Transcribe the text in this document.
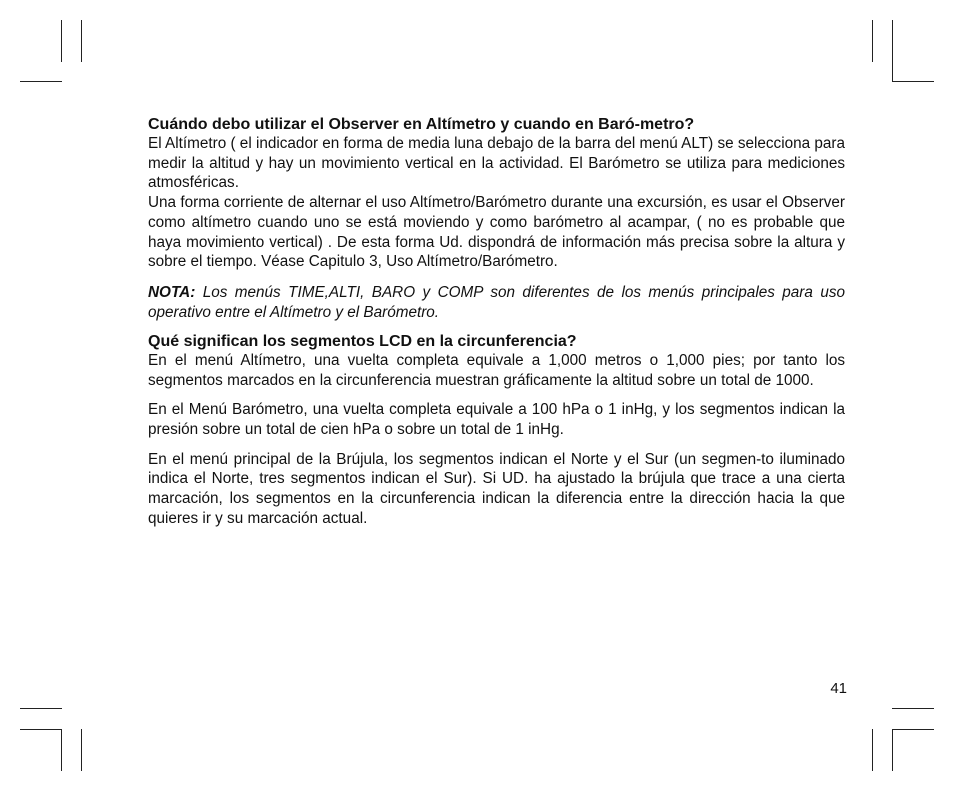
Cuándo debo utilizar el Observer en Altímetro y cuando en Baró-metro?

El Altímetro ( el indicador en forma de media luna debajo de la barra del menú ALT) se selecciona para medir la altitud y hay un movimiento vertical en la actividad. El Barómetro se utiliza para mediciones atmosféricas.

Una forma corriente de alternar el uso Altímetro/Barómetro durante una excursión, es usar el Observer como altímetro cuando uno se está moviendo y como barómetro al acampar, ( no es probable que haya movimiento vertical) . De esta forma Ud. dispondrá de información más precisa sobre la altura y sobre el tiempo. Véase Capitulo 3, Uso Altímetro/Barómetro.

NOTA: Los menús TIME,ALTI, BARO y COMP son diferentes de los menús principales para uso operativo entre el Altímetro y el Barómetro.

Qué significan los segmentos LCD en la circunferencia?

En el menú Altímetro, una vuelta completa equivale a 1,000 metros o 1,000 pies; por tanto los segmentos marcados en la circunferencia muestran gráficamente la altitud sobre un total de 1000.

En el Menú Barómetro, una vuelta completa equivale a 100 hPa o 1 inHg, y los segmentos indican la presión sobre un total de cien hPa o sobre un total de 1 inHg.

En el menú principal de la Brújula, los segmentos indican el Norte y el Sur (un segmen-to iluminado indica el Norte, tres segmentos indican el Sur). Si UD. ha ajustado la brújula que trace a una cierta marcación, los segmentos en la circunferencia indican la diferencia entre la dirección hacia la que quieres ir y su marcación actual.

41
